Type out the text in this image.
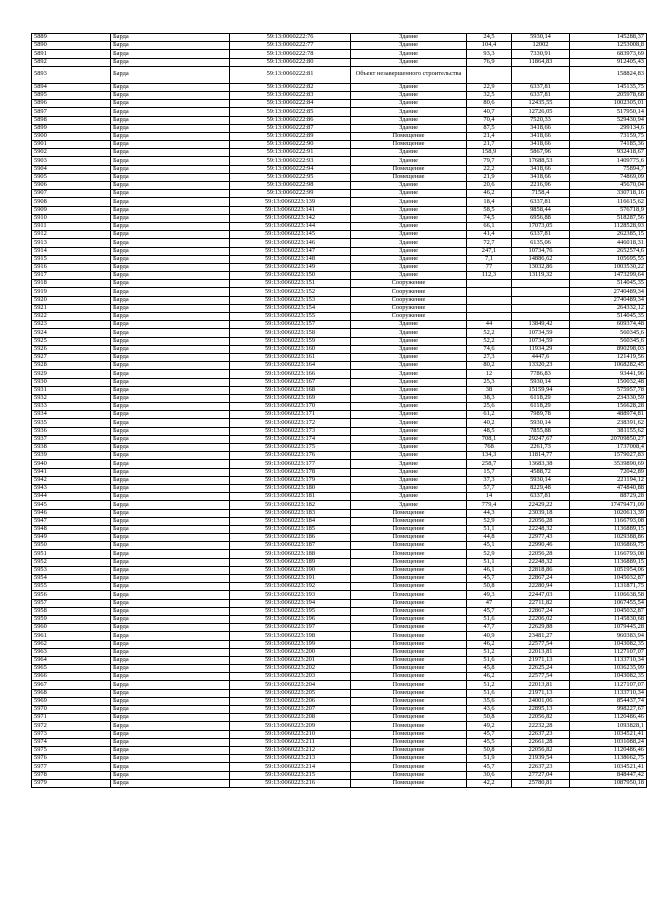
5889	Барда	59:13:0060222:76	Здание	24,5	5930,14	145288,37
5890	Барда	59:13:0060222:77	Здание	104,4	12002	1253008,8
5891	Барда	59:13:0060222:78	Здание	93,3	7330,91	683973,69
5892	Барда	59:13:0060222:80	Здание	76,9	11864,83	912405,43
5893	Барда	59:13:0060222:81	Объект незавершенного строительства			158824,83
5894	Барда	59:13:0060222:82	Здание	22,9	6337,81	145135,75
5895	Барда	59:13:0060222:83	Здание	32,5	6337,81	205978,68
5896	Барда	59:13:0060222:84	Здание	80,6	12435,55	1002305,01
5897	Барда	59:13:0060222:85	Здание	40,7	12726,05	517950,14
5898	Барда	59:13:0060222:86	Здание	70,4	7520,33	529430,94
5899	Барда	59:13:0060222:87	Здание	87,5	3418,66	299134,6
5900	Барда	59:13:0060222:89	Помещение	21,4	3418,66	73159,75
5901	Барда	59:13:0060222:90	Помещение	21,7	3418,66	74185,36
5902	Барда	59:13:0060222:91	Здание	158,9	5867,96	932418,67
5903	Барда	59:13:0060222:93	Здание	79,7	17688,53	1409775,6
5904	Барда	59:13:0060222:94	Помещение	22,2	3418,66	75894,7
5905	Барда	59:13:0060222:95	Помещение	21,9	3418,66	74869,09
5906	Барда	59:13:0060222:98	Здание	20,6	2216,96	45670,04
5907	Барда	59:13:0060222:99	Здание	46,2	7158,4	330718,16
5908	Барда	59:13:0060223:139	Здание	18,4	6337,81	116615,62
5909	Барда	59:13:0060223:141	Здание	58,5	9858,44	576718,9
5910	Барда	59:13:0060223:142	Здание	74,5	6956,88	518287,56
5911	Барда	59:13:0060223:144	Здание	66,1	17073,05	1128528,93
5912	Барда	59:13:0060223:145	Здание	41,4	6337,81	262385,15
5913	Барда	59:13:0060223:146	Здание	72,7	6135,06	446018,31
5914	Барда	59:13:0060223:147	Здание	247,1	10734,76	2652574,6
5915	Барда	59:13:0060223:148	Здание	7,1	14886,62	105695,55
5916	Барда	59:13:0060223:149	Здание	77	13032,86	1003530,22
5917	Барда	59:13:0060223:150	Здание	112,3	13119,32	1473299,64
5918	Барда	59:13:0060223:151	Сооружение			514045,35
5919	Барда	59:13:0060223:152	Сооружение			2740489,34
5920	Барда	59:13:0060223:153	Сооружение			2740489,34
5921	Барда	59:13:0060223:154	Сооружение			264332,12
5922	Барда	59:13:0060223:155	Сооружение			514045,35
5923	Барда	59:13:0060223:157	Здание	44	13849,42	609374,48
5924	Барда	59:13:0060223:158	Здание	52,2	10734,59	560345,6
5925	Барда	59:13:0060223:159	Здание	52,2	10734,59	560345,6
5926	Барда	59:13:0060223:160	Здание	74,6	11934,29	890298,03
5927	Барда	59:13:0060223:161	Здание	27,3	4447,6	121419,56
5928	Барда	59:13:0060223:164	Здание	80,2	13320,23	1068282,45
5929	Барда	59:13:0060223:166	Здание	12	7786,83	93441,96
5930	Барда	59:13:0060223:167	Здание	25,3	5930,14	150032,48
5931	Барда	59:13:0060223:168	Здание	38	15159,94	575957,78
5932	Барда	59:13:0060223:169	Здание	38,3	6118,29	234330,59
5933	Барда	59:13:0060223:170	Здание	25,6	6118,29	156628,28
5934	Барда	59:13:0060223:171	Здание	61,2	7989,78	488974,81
5935	Барда	59:13:0060223:172	Здание	40,2	5930,14	238391,62
5936	Барда	59:13:0060223:173	Здание	48,5	7855,88	381155,62
5937	Барда	59:13:0060223:174	Здание	708,1	29247,67	20709850,27
5938	Барда	59:13:0060223:175	Здание	768	2261,73	1737008,4
5939	Барда	59:13:0060223:176	Здание	134,3	11814,77	1579027,83
5940	Барда	59:13:0060223:177	Здание	258,7	13683,38	3539890,69
5941	Барда	59:13:0060223:178	Здание	15,7	4588,72	72042,89
5942	Барда	59:13:0060223:179	Здание	37,3	5930,14	221194,12
5943	Барда	59:13:0060223:180	Здание	57,7	8229,48	474840,88
5944	Барда	59:13:0060223:181	Здание	14	6337,81	88729,28
5945	Барда	59:13:0060223:182	Здание	779,4	22429,22	17479471,09
5946	Барда	59:13:0060223:183	Помещение	44,3	23039,18	1020613,39
5947	Барда	59:13:0060223:184	Помещение	52,9	22056,28	1166793,08
5948	Барда	59:13:0060223:185	Помещение	51,1	22248,32	1136889,15
5949	Барда	59:13:0060223:186	Помещение	44,8	22977,43	1029388,86
5950	Барда	59:13:0060223:187	Помещение	45,1	22990,46	1036869,75
5951	Барда	59:13:0060223:188	Помещение	52,9	22056,28	1166793,08
5952	Барда	59:13:0060223:189	Помещение	51,1	22248,32	1136889,15
5953	Барда	59:13:0060223:190	Помещение	46,1	22818,86	1051954,06
5954	Барда	59:13:0060223:191	Помещение	45,7	22867,24	1045032,87
5955	Барда	59:13:0060223:192	Помещение	50,8	22280,94	1131871,75
5956	Барда	59:13:0060223:193	Помещение	49,3	22447,03	1106638,58
5957	Барда	59:13:0060223:194	Помещение	47	22711,82	1067455,54
5958	Барда	59:13:0060223:195	Помещение	45,7	22867,24	1045032,87
5959	Барда	59:13:0060223:196	Помещение	51,6	22206,02	1145830,68
5960	Барда	59:13:0060223:197	Помещение	47,7	22629,88	1079445,28
5961	Барда	59:13:0060223:198	Помещение	40,9	23481,27	960383,94
5962	Барда	59:13:0060223:199	Помещение	46,2	22577,54	1043082,35
5963	Барда	59:13:0060223:200	Помещение	51,2	22013,81	1127107,07
5964	Барда	59:13:0060223:201	Помещение	51,6	21971,13	1133710,34
5965	Барда	59:13:0060223:202	Помещение	45,8	22625,24	1036235,99
5966	Барда	59:13:0060223:203	Помещение	46,2	22577,54	1043082,35
5967	Барда	59:13:0060223:204	Помещение	51,2	22013,81	1127107,07
5968	Барда	59:13:0060223:205	Помещение	51,6	21971,13	1133710,34
5969	Барда	59:13:0060223:206	Помещение	35,6	24001,06	854437,74
5970	Барда	59:13:0060223:207	Помещение	43,6	22895,13	998227,67
5971	Барда	59:13:0060223:208	Помещение	50,8	22056,82	1120486,46
5972	Барда	59:13:0060223:209	Помещение	49,2	22232,28	1093828,1
5973	Барда	59:13:0060223:210	Помещение	45,7	22637,23	1034521,41
5974	Барда	59:13:0060223:211	Помещение	45,5	22661,28	1031088,24
5975	Барда	59:13:0060223:212	Помещение	50,8	22056,82	1120486,46
5976	Барда	59:13:0060223:213	Помещение	51,9	21939,54	1138662,75
5977	Барда	59:13:0060223:214	Помещение	45,7	22637,23	1034521,41
5978	Барда	59:13:0060223:215	Помещение	30,6	27727,04	848447,42
5979	Барда	59:13:0060223:216	Помещение	42,2	25780,81	1087950,18
